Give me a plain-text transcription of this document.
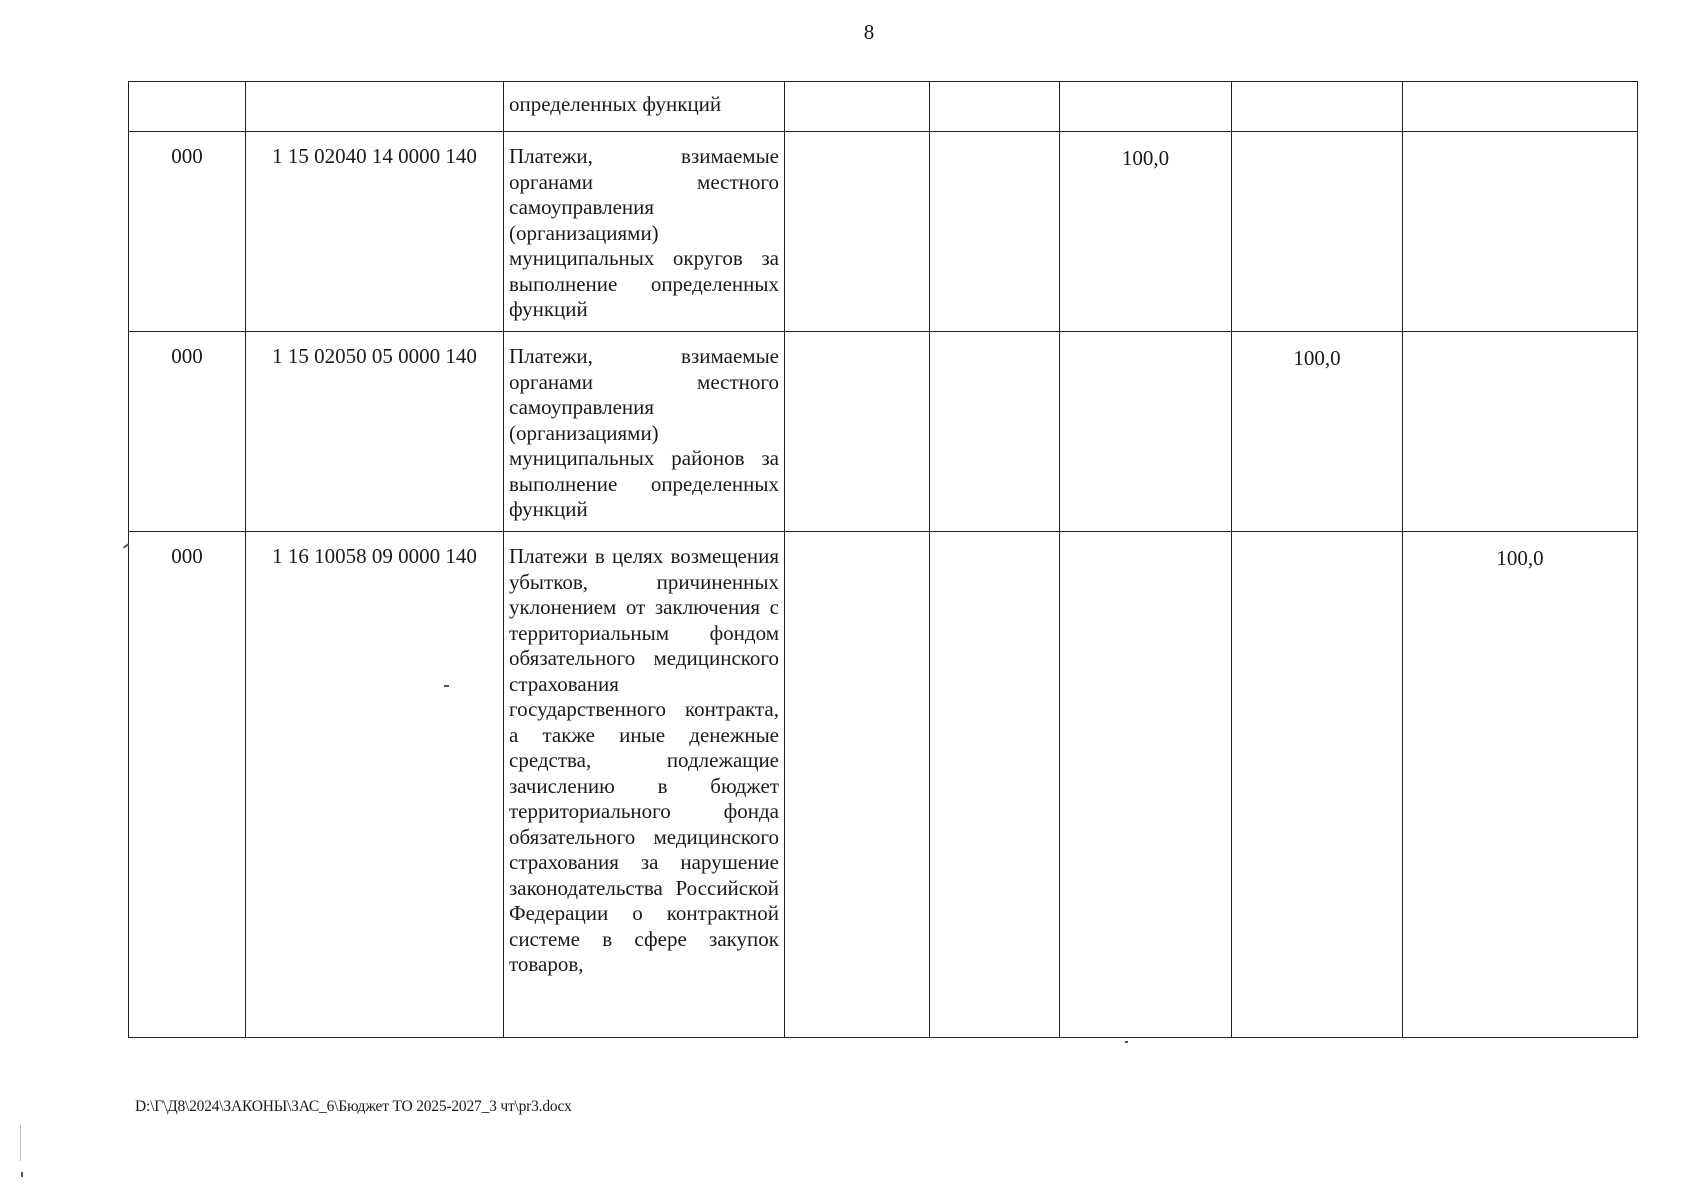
8
		определенных функций					
000	1 15 02040 14 0000 140	Платежи, взимаемые органами местного самоуправления (организациями) муниципальных округов за выполнение определенных функций			100,0		
000	1 15 02050 05 0000 140	Платежи, взимаемые органами местного самоуправления (организациями) муниципальных районов за выполнение определенных функций				100,0	
000	1 16 10058 09 0000 140	Платежи в целях возмещения убытков, причиненных уклонением от заключения с территориальным фондом обязательного медицинского страхования государственного контракта, а также иные денежные средства, подлежащие зачислению в бюджет территориального фонда обязательного медицинского страхования за нарушение законодательства Российской Федерации о контрактной системе в сфере закупок товаров,					100,0
D:\Г\Д8\2024\ЗАКОНЫ\ЗАС_6\Бюджет ТО 2025-2027_3 чт\pr3.docx
